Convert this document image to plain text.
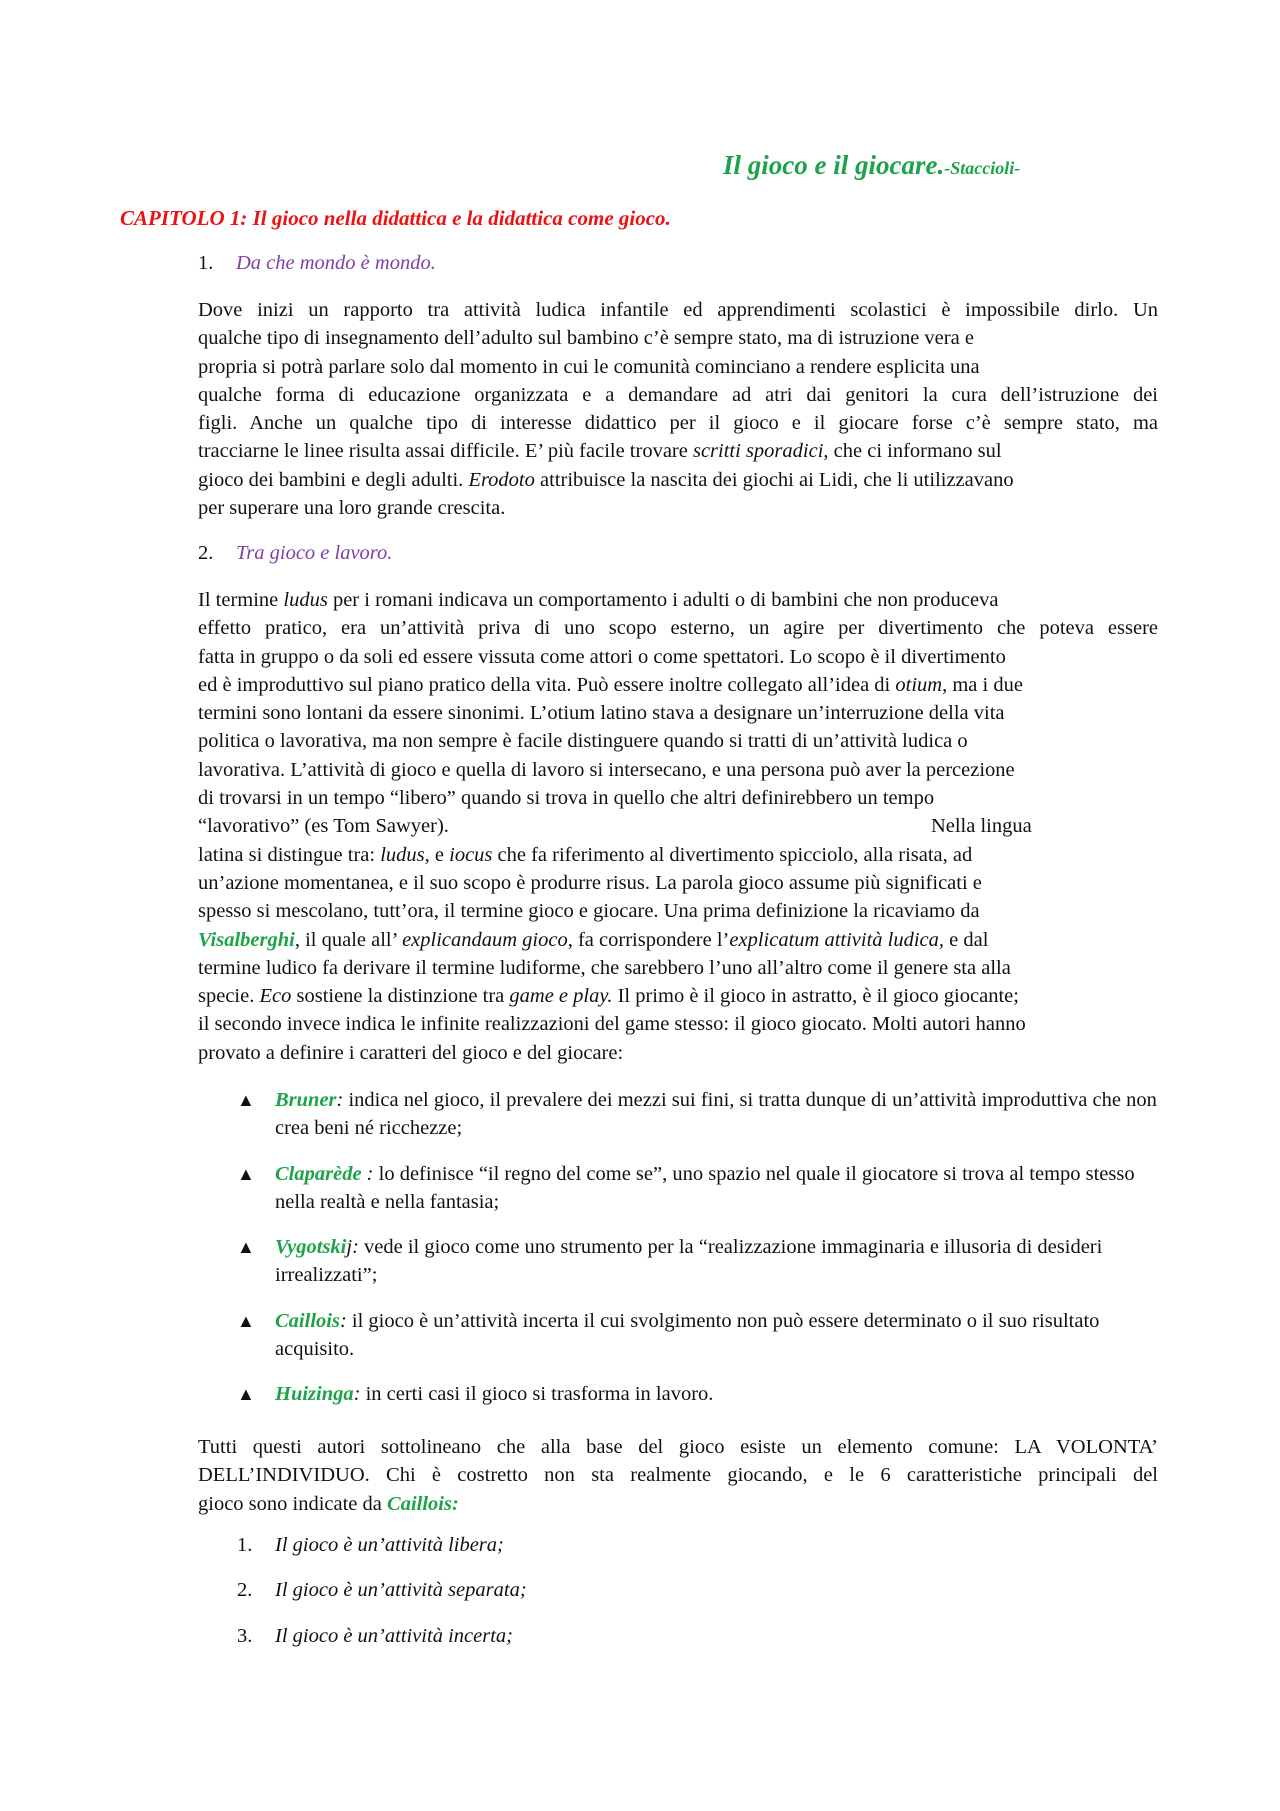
Il gioco e il giocare.-Staccioli-
CAPITOLO 1: Il gioco nella didattica e la didattica come gioco.
1. Da che mondo è mondo.
Dove inizi un rapporto tra attività ludica infantile ed apprendimenti scolastici è impossibile dirlo. Un
qualche tipo di insegnamento dell’adulto sul bambino c’è sempre stato, ma di istruzione vera e
propria si potrà parlare solo dal momento in cui le comunità cominciano a rendere esplicita una
qualche forma di educazione organizzata e a demandare ad atri dai genitori la cura dell’istruzione dei
figli. Anche un qualche tipo di interesse didattico per il gioco e il giocare forse c’è sempre stato, ma
tracciarne le linee risulta assai difficile. E’ più facile trovare scritti sporadici, che ci informano sul
gioco dei bambini e degli adulti. Erodoto attribuisce la nascita dei giochi ai Lidi, che li utilizzavano
per superare una loro grande crescita.
2. Tra gioco e lavoro.
Il termine ludus per i romani indicava un comportamento i adulti o di bambini che non produceva
effetto pratico, era un’attività priva di uno scopo esterno, un agire per divertimento che poteva essere
fatta in gruppo o da soli ed essere vissuta come attori o come spettatori. Lo scopo è il divertimento
ed è improduttivo sul piano pratico della vita. Può essere inoltre collegato all’idea di otium, ma i due
termini sono lontani da essere sinonimi. L’otium latino stava a designare un’interruzione della vita
politica o lavorativa, ma non sempre è facile distinguere quando si tratti di un’attività ludica o
lavorativa. L’attività di gioco e quella di lavoro si intersecano, e una persona può aver la percezione
di trovarsi in un tempo “libero” quando si trova in quello che altri definirebbero un tempo
“lavorativo” (es Tom Sawyer).	Nella lingua
latina si distingue tra: ludus, e iocus che fa riferimento al divertimento spicciolo, alla risata, ad
un’azione momentanea, e il suo scopo è produrre risus. La parola gioco assume più significati e
spesso si mescolano, tutt’ora, il termine gioco e giocare. Una prima definizione la ricaviamo da
Visalberghi, il quale all’ explicandaum gioco, fa corrispondere l’explicatum attività ludica, e dal
termine ludico fa derivare il termine ludiforme, che sarebbero l’uno all’altro come il genere sta alla
specie. Eco sostiene la distinzione tra game e play. Il primo è il gioco in astratto, è il gioco giocante;
il secondo invece indica le infinite realizzazioni del game stesso: il gioco giocato. Molti autori hanno
provato a definire i caratteri del gioco e del giocare:
▲ Bruner: indica nel gioco, il prevalere dei mezzi sui fini, si tratta dunque di un’attività improduttiva che non crea beni né ricchezze;
▲ Claparède : lo definisce “il regno del come se”, uno spazio nel quale il giocatore si trova al tempo stesso nella realtà e nella fantasia;
▲ Vygotskij: vede il gioco come uno strumento per la “realizzazione immaginaria e illusoria di desideri irrealizzati”;
▲ Caillois: il gioco è un’attività incerta il cui svolgimento non può essere determinato o il suo risultato acquisito.
▲ Huizinga: in certi casi il gioco si trasforma in lavoro.
Tutti questi autori sottolineano che alla base del gioco esiste un elemento comune: LA VOLONTA’
DELL’INDIVIDUO. Chi è costretto non sta realmente giocando, e le 6 caratteristiche principali del
gioco sono indicate da Caillois:
1. Il gioco è un’attività libera;
2. Il gioco è un’attività separata;
3. Il gioco è un’attività incerta;
